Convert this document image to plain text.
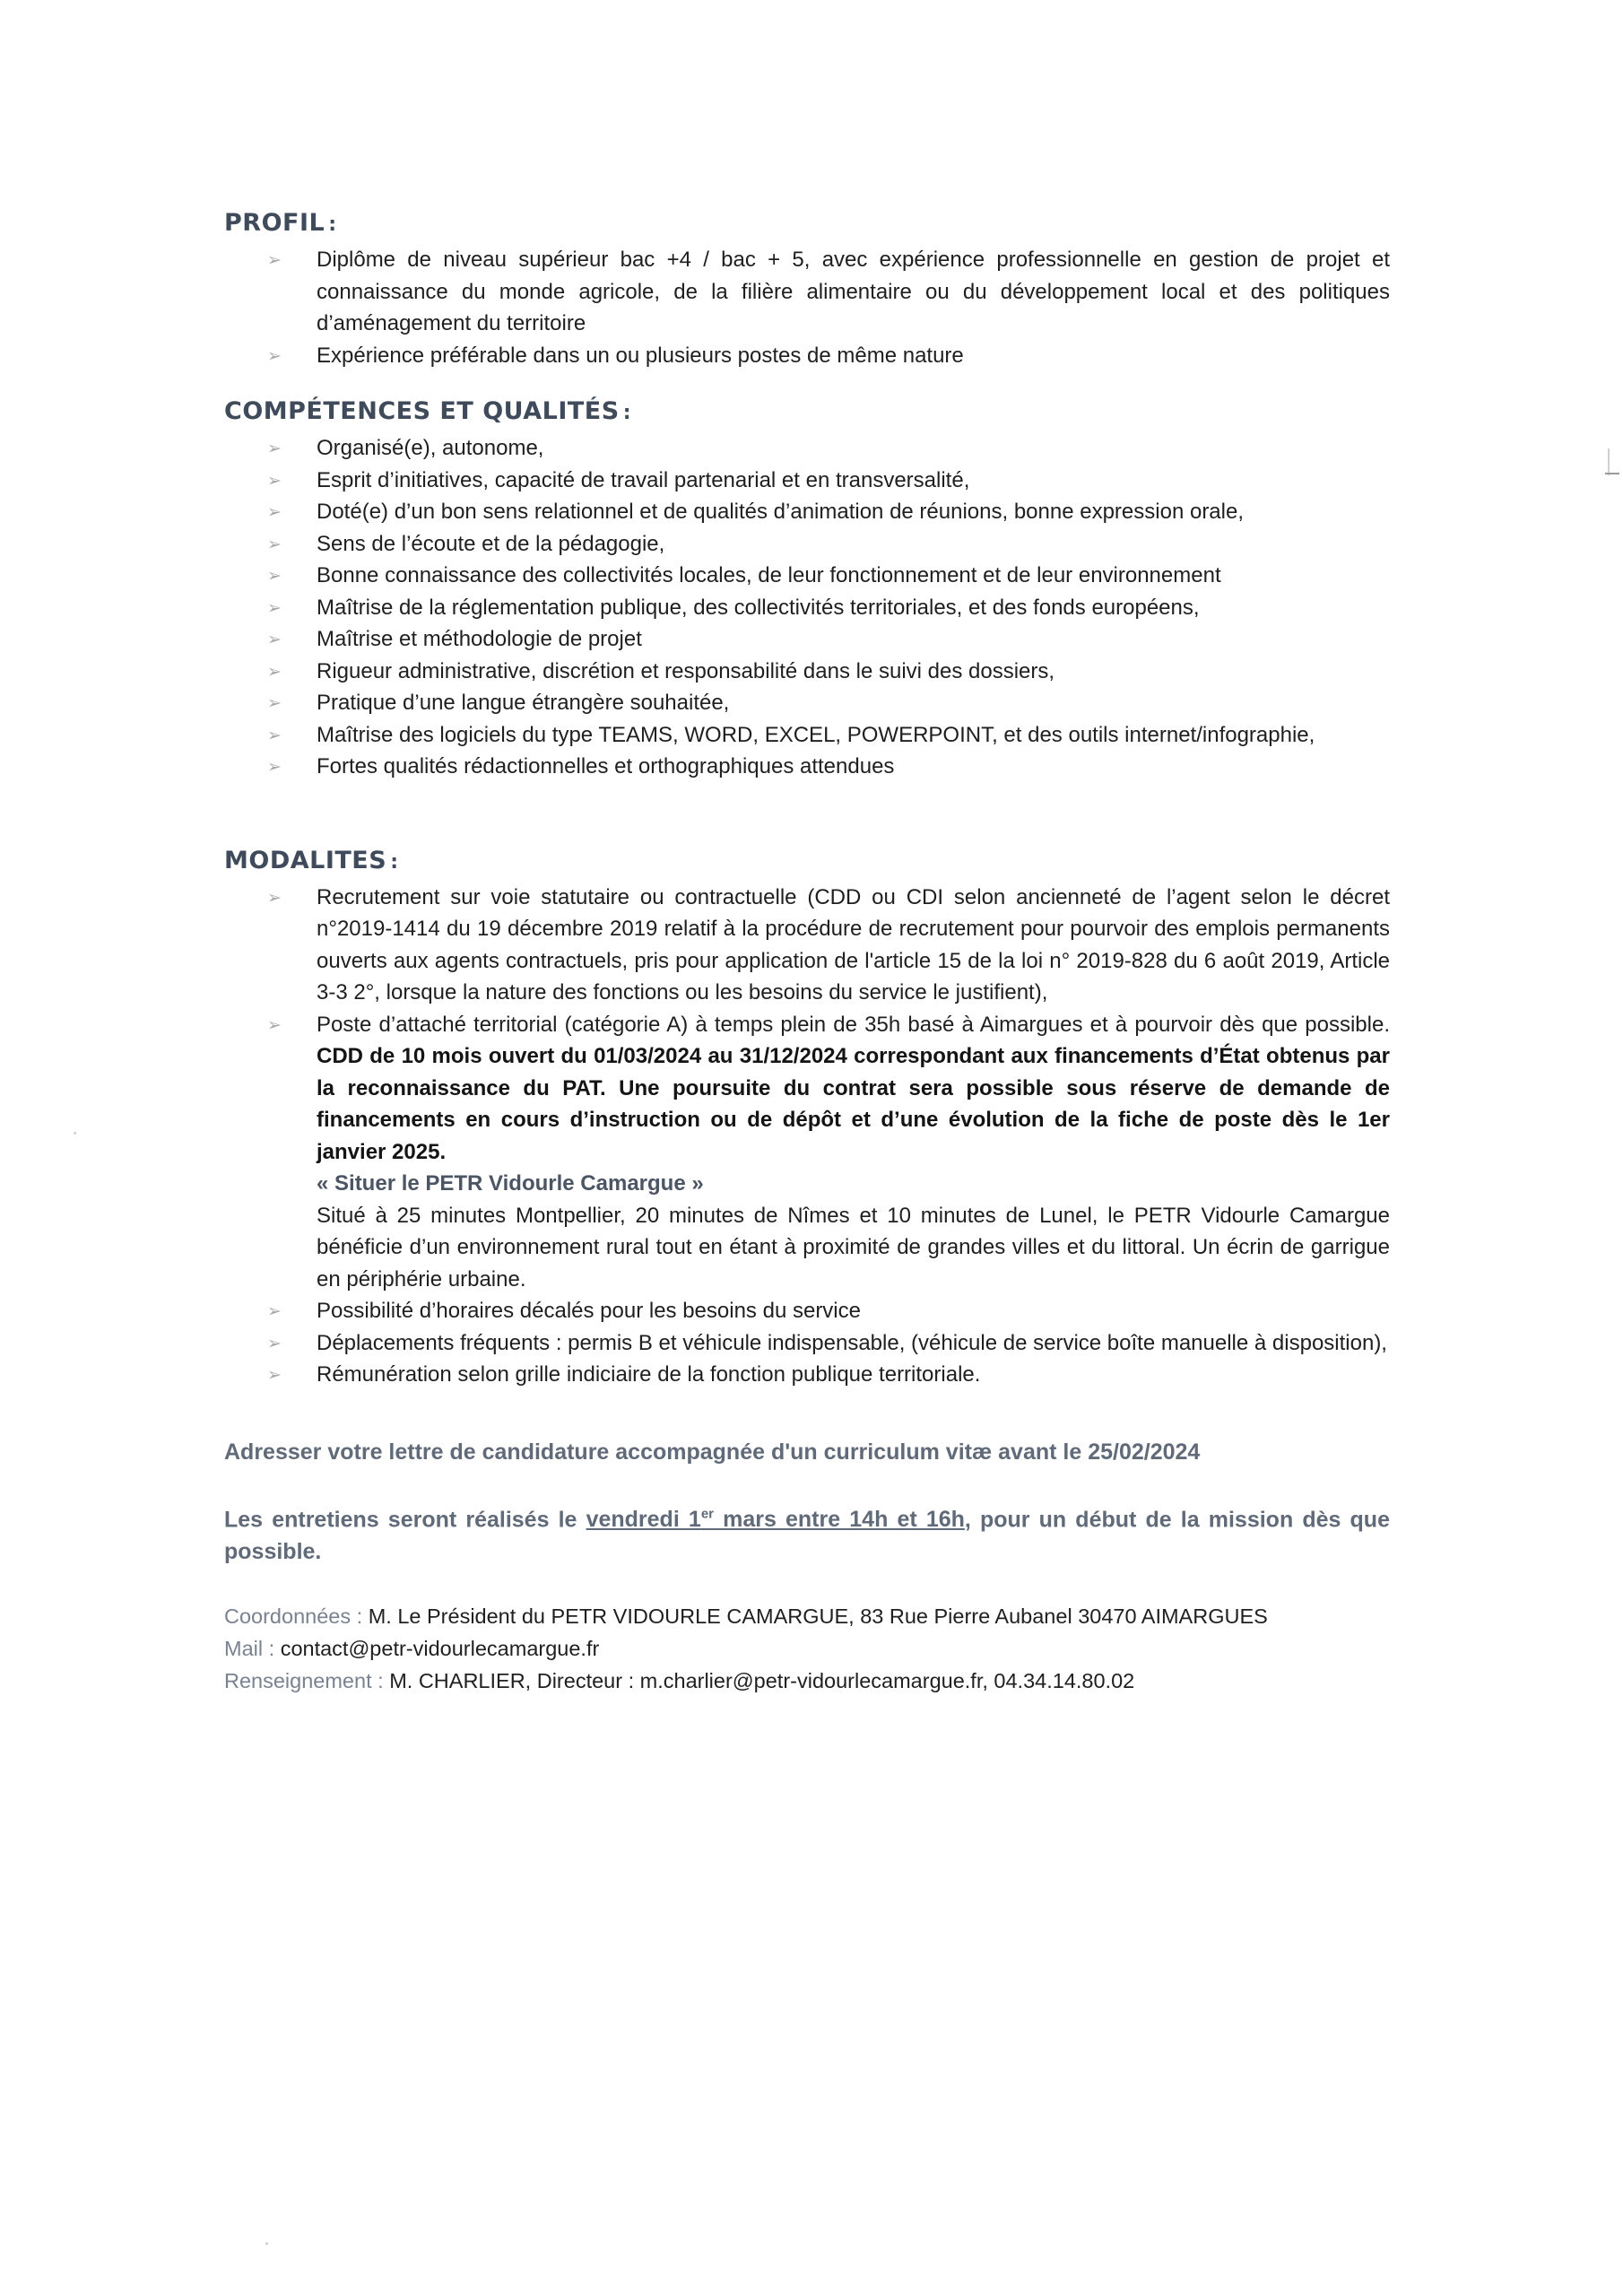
PROFIL :
➢ Diplôme de niveau supérieur bac +4 / bac + 5, avec expérience professionnelle en gestion de projet et connaissance du monde agricole, de la filière alimentaire ou du développement local et des politiques d’aménagement du territoire
➢ Expérience préférable dans un ou plusieurs postes de même nature
COMPÉTENCES ET QUALITÉS :
➢ Organisé(e), autonome,
➢ Esprit d’initiatives, capacité de travail partenarial et en transversalité,
➢ Doté(e) d’un bon sens relationnel et de qualités d’animation de réunions, bonne expression orale,
➢ Sens de l’écoute et de la pédagogie,
➢ Bonne connaissance des collectivités locales, de leur fonctionnement et de leur environnement
➢ Maîtrise de la réglementation publique, des collectivités territoriales, et des fonds européens,
➢ Maîtrise et méthodologie de projet
➢ Rigueur administrative, discrétion et responsabilité dans le suivi des dossiers,
➢ Pratique d’une langue étrangère souhaitée,
➢ Maîtrise des logiciels du type TEAMS, WORD, EXCEL, POWERPOINT, et des outils internet/infographie,
➢ Fortes qualités rédactionnelles et orthographiques attendues
MODALITES :
➢ Recrutement sur voie statutaire ou contractuelle (CDD ou CDI selon ancienneté de l’agent selon le décret n°2019-1414 du 19 décembre 2019 relatif à la procédure de recrutement pour pourvoir des emplois permanents ouverts aux agents contractuels, pris pour application de l'article 15 de la loi n° 2019-828 du 6 août 2019, Article 3-3 2°, lorsque la nature des fonctions ou les besoins du service le justifient),
➢ Poste d’attaché territorial (catégorie A) à temps plein de 35h basé à Aimargues et à pourvoir dès que possible. CDD de 10 mois ouvert du 01/03/2024 au 31/12/2024 correspondant aux financements d’État obtenus par la reconnaissance du PAT. Une poursuite du contrat sera possible sous réserve de demande de financements en cours d’instruction ou de dépôt et d’une évolution de la fiche de poste dès le 1er janvier 2025.
« Situer le PETR Vidourle Camargue »
Situé à 25 minutes Montpellier, 20 minutes de Nîmes et 10 minutes de Lunel, le PETR Vidourle Camargue bénéficie d’un environnement rural tout en étant à proximité de grandes villes et du littoral. Un écrin de garrigue en périphérie urbaine.
➢ Possibilité d’horaires décalés pour les besoins du service
➢ Déplacements fréquents : permis B et véhicule indispensable, (véhicule de service boîte manuelle à disposition),
➢ Rémunération selon grille indiciaire de la fonction publique territoriale.
Adresser votre lettre de candidature accompagnée d'un curriculum vitæ avant le 25/02/2024
Les entretiens seront réalisés le vendredi 1er mars entre 14h et 16h, pour un début de la mission dès que possible.
Coordonnées : M. Le Président du PETR VIDOURLE CAMARGUE, 83 Rue Pierre Aubanel 30470 AIMARGUES
Mail : contact@petr-vidourlecamargue.fr
Renseignement : M. CHARLIER, Directeur : m.charlier@petr-vidourlecamargue.fr, 04.34.14.80.02
